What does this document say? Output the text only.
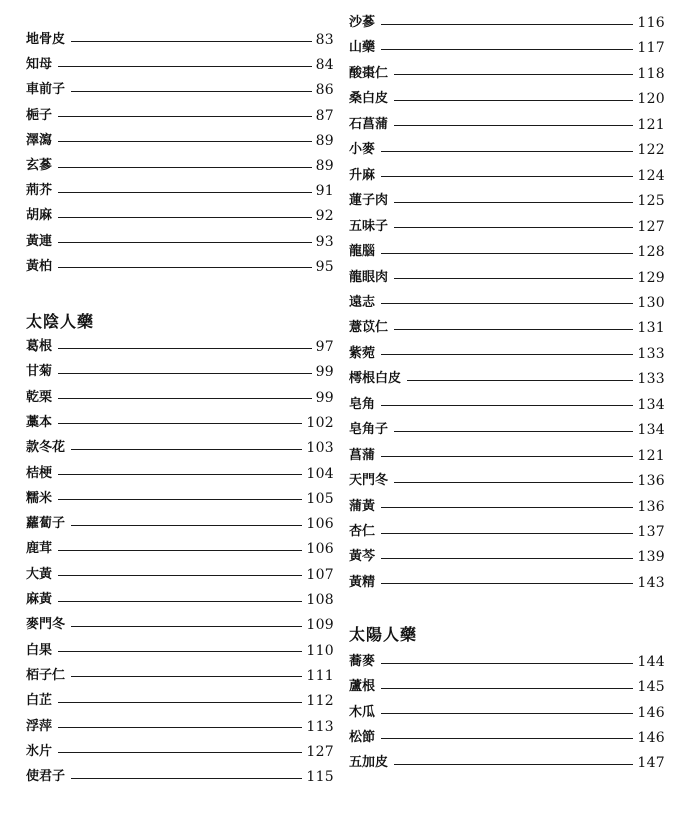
地骨皮	83
知母	84
車前子	86
梔子	87
澤瀉	89
玄蔘	89
荊芥	91
胡麻	92
黃連	93
黃柏	95
太陰人藥
葛根	97
甘菊	99
乾栗	99
藁本	102
款冬花	103
桔梗	104
糯米	105
蘿蔔子	106
鹿茸	106
大黃	107
麻黃	108
麥門冬	109
白果	110
栢子仁	111
白芷	112
浮萍	113
氷片	127
使君子	115
沙蔘	116
山藥	117
酸棗仁	118
桑白皮	120
石菖蒲	121
小麥	122
升麻	124
蓮子肉	125
五味子	127
龍腦	128
龍眼肉	129
遠志	130
薏苡仁	131
紫菀	133
樗根白皮	133
皂角	134
皂角子	134
菖蒲	121
天門冬	136
蒲黃	136
杏仁	137
黃芩	139
黃精	143
太陽人藥
蕎麥	144
蘆根	145
木瓜	146
松節	146
五加皮	147
